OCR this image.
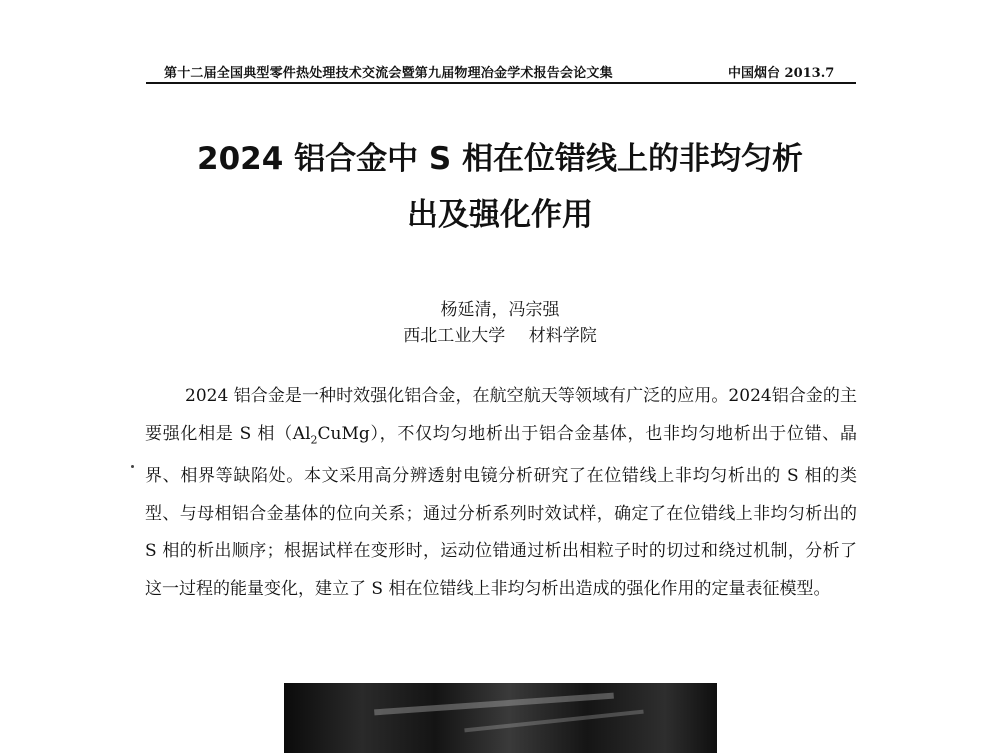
第十二届全国典型零件热处理技术交流会暨第九届物理冶金学术报告会论文集	中国烟台 2013.7
2024 铝合金中 S 相在位错线上的非均匀析
出及强化作用
杨延清，冯宗强
西北工业大学 材料学院

2024 铝合金是一种时效强化铝合金，在航空航天等领域有广泛的应用。2024铝合金的主要强化相是 S 相$(Al_2CuMg)$，不仅均匀地析出于铝合金基体，也非均匀地析出于位错、晶界、相界等缺陷处。本文采用高分辨透射电镜分析研究了在位错线上非均匀析出的 S 相的类型、与母相铝合金基体的位向关系；通过分析系列时效试样，确定了在位错线上非均匀析出的 S 相的析出顺序；根据试样在变形时，运动位错通过析出相粒子时的切过和绕过机制，分析了这一过程的能量变化，建立了 S 相在位错线上非均匀析出造成的强化作用的定量表征模型。
